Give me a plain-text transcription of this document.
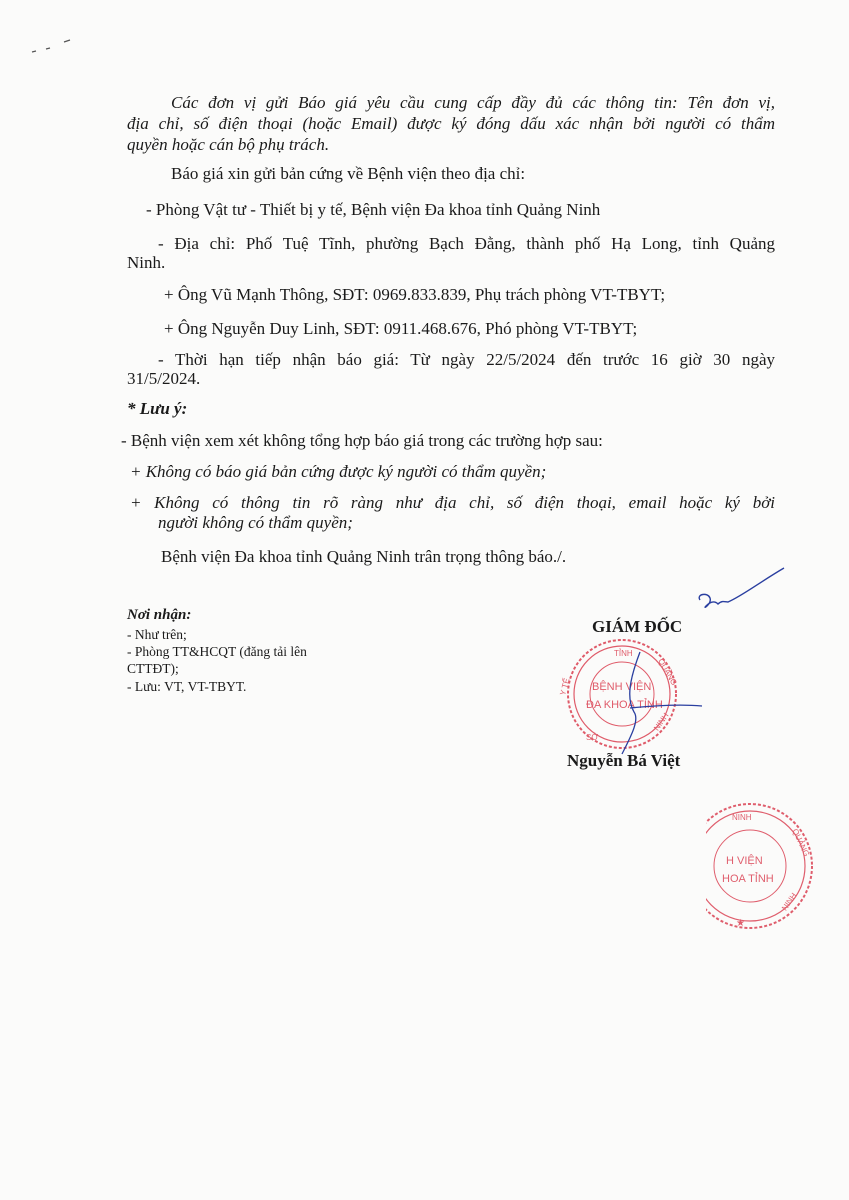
Các đơn vị gửi Báo giá yêu cầu cung cấp đầy đủ các thông tin: Tên đơn vị,
địa chỉ, số điện thoại (hoặc Email) được ký đóng dấu xác nhận bởi người có thẩm
quyền hoặc cán bộ phụ trách.
Báo giá xin gửi bản cứng về Bệnh viện theo địa chỉ:
- Phòng Vật tư - Thiết bị y tế, Bệnh viện Đa khoa tỉnh Quảng Ninh
- Địa chỉ: Phố Tuệ Tĩnh, phường Bạch Đằng, thành phố Hạ Long, tỉnh Quảng
Ninh.
+ Ông Vũ Mạnh Thông, SĐT: 0969.833.839, Phụ trách phòng VT-TBYT;
+ Ông Nguyễn Duy Linh, SĐT: 0911.468.676, Phó phòng VT-TBYT;
- Thời hạn tiếp nhận báo giá: Từ ngày 22/5/2024 đến trước 16 giờ 30 ngày
31/5/2024.
* Lưu ý:
- Bệnh viện xem xét không tổng hợp báo giá trong các trường hợp sau:
+ Không có báo giá bản cứng được ký người có thẩm quyền;
+ Không có thông tin rõ ràng như địa chỉ, số điện thoại, email hoặc ký bởi
người không có thẩm quyền;
Bệnh viện Đa khoa tỉnh Quảng Ninh trân trọng thông báo./.
Nơi nhận:
- Như trên;
- Phòng TT&HCQT (đăng tải lên
CTTĐT);
- Lưu: VT, VT-TBYT.
GIÁM ĐỐC
TỈNH
QUẢNG
Y TẾ
SỞ
NINH
BỆNH VIỆN
ĐA KHOA TỈNH
Nguyễn Bá Việt
NINH
QUẢNG
NINH
H VIỆN
HOA TỈNH
★
